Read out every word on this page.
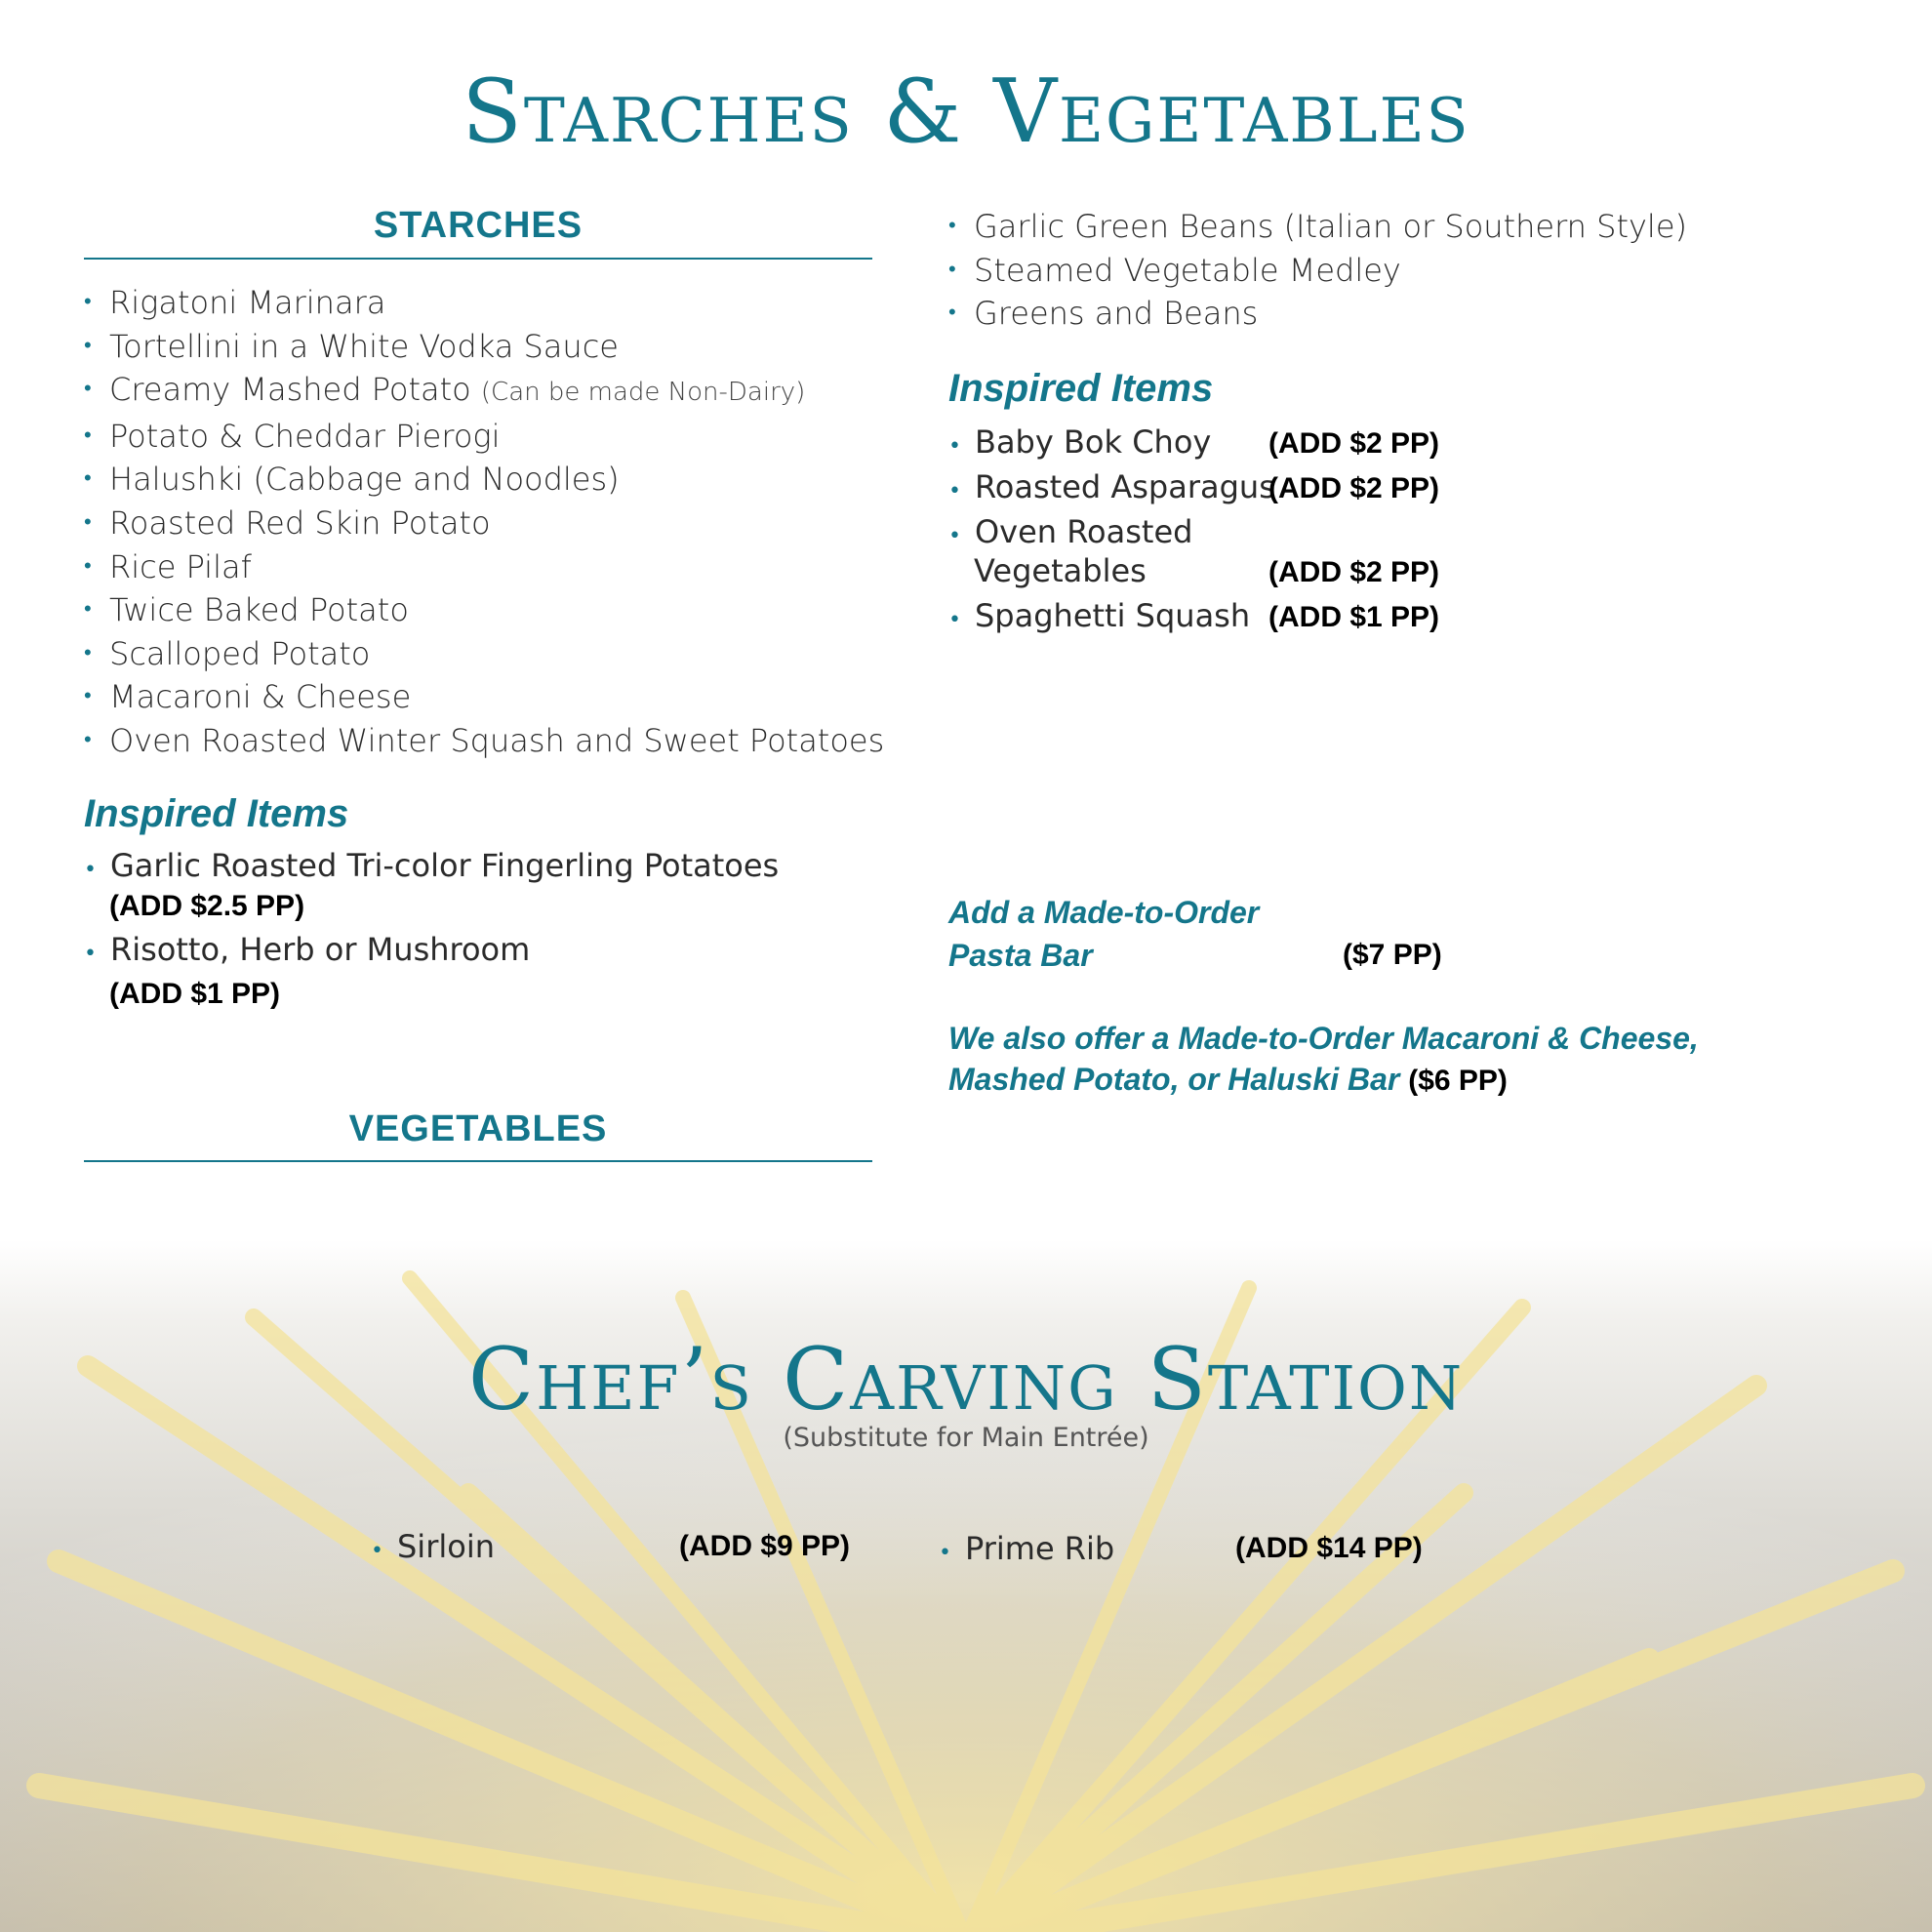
Starches & Vegetables
STARCHES
• Rigatoni Marinara
• Tortellini in a White Vodka Sauce
• Creamy Mashed Potato (Can be made Non-Dairy)
• Potato & Cheddar Pierogi
• Halushki (Cabbage and Noodles)
• Roasted Red Skin Potato
• Rice Pilaf
• Twice Baked Potato
• Scalloped Potato
• Macaroni & Cheese
• Oven Roasted Winter Squash and Sweet Potatoes
Inspired Items
• Garlic Roasted Tri-color Fingerling Potatoes
(ADD $2.5 PP)
• Risotto, Herb or Mushroom
(ADD $1 PP)
VEGETABLES
• Garlic Green Beans (Italian or Southern Style)
• Steamed Vegetable Medley
• Greens and Beans
Inspired Items
• Baby Bok Choy (ADD $2 PP)
• Roasted Asparagus
(ADD $2 PP)
• Oven Roasted
Vegetables	(ADD $2 PP)
• Spaghetti Squash (ADD $1 PP)
Add a Made-to-Order
Pasta Bar	($7 PP)
We also offer a Made-to-Order Macaroni & Cheese,
Mashed Potato, or Haluski Bar ($6 PP)
Chef’s Carving Station
(Substitute for Main Entrée)
• Sirloin	(ADD $9 PP)	• Prime Rib	(ADD $14 PP)
